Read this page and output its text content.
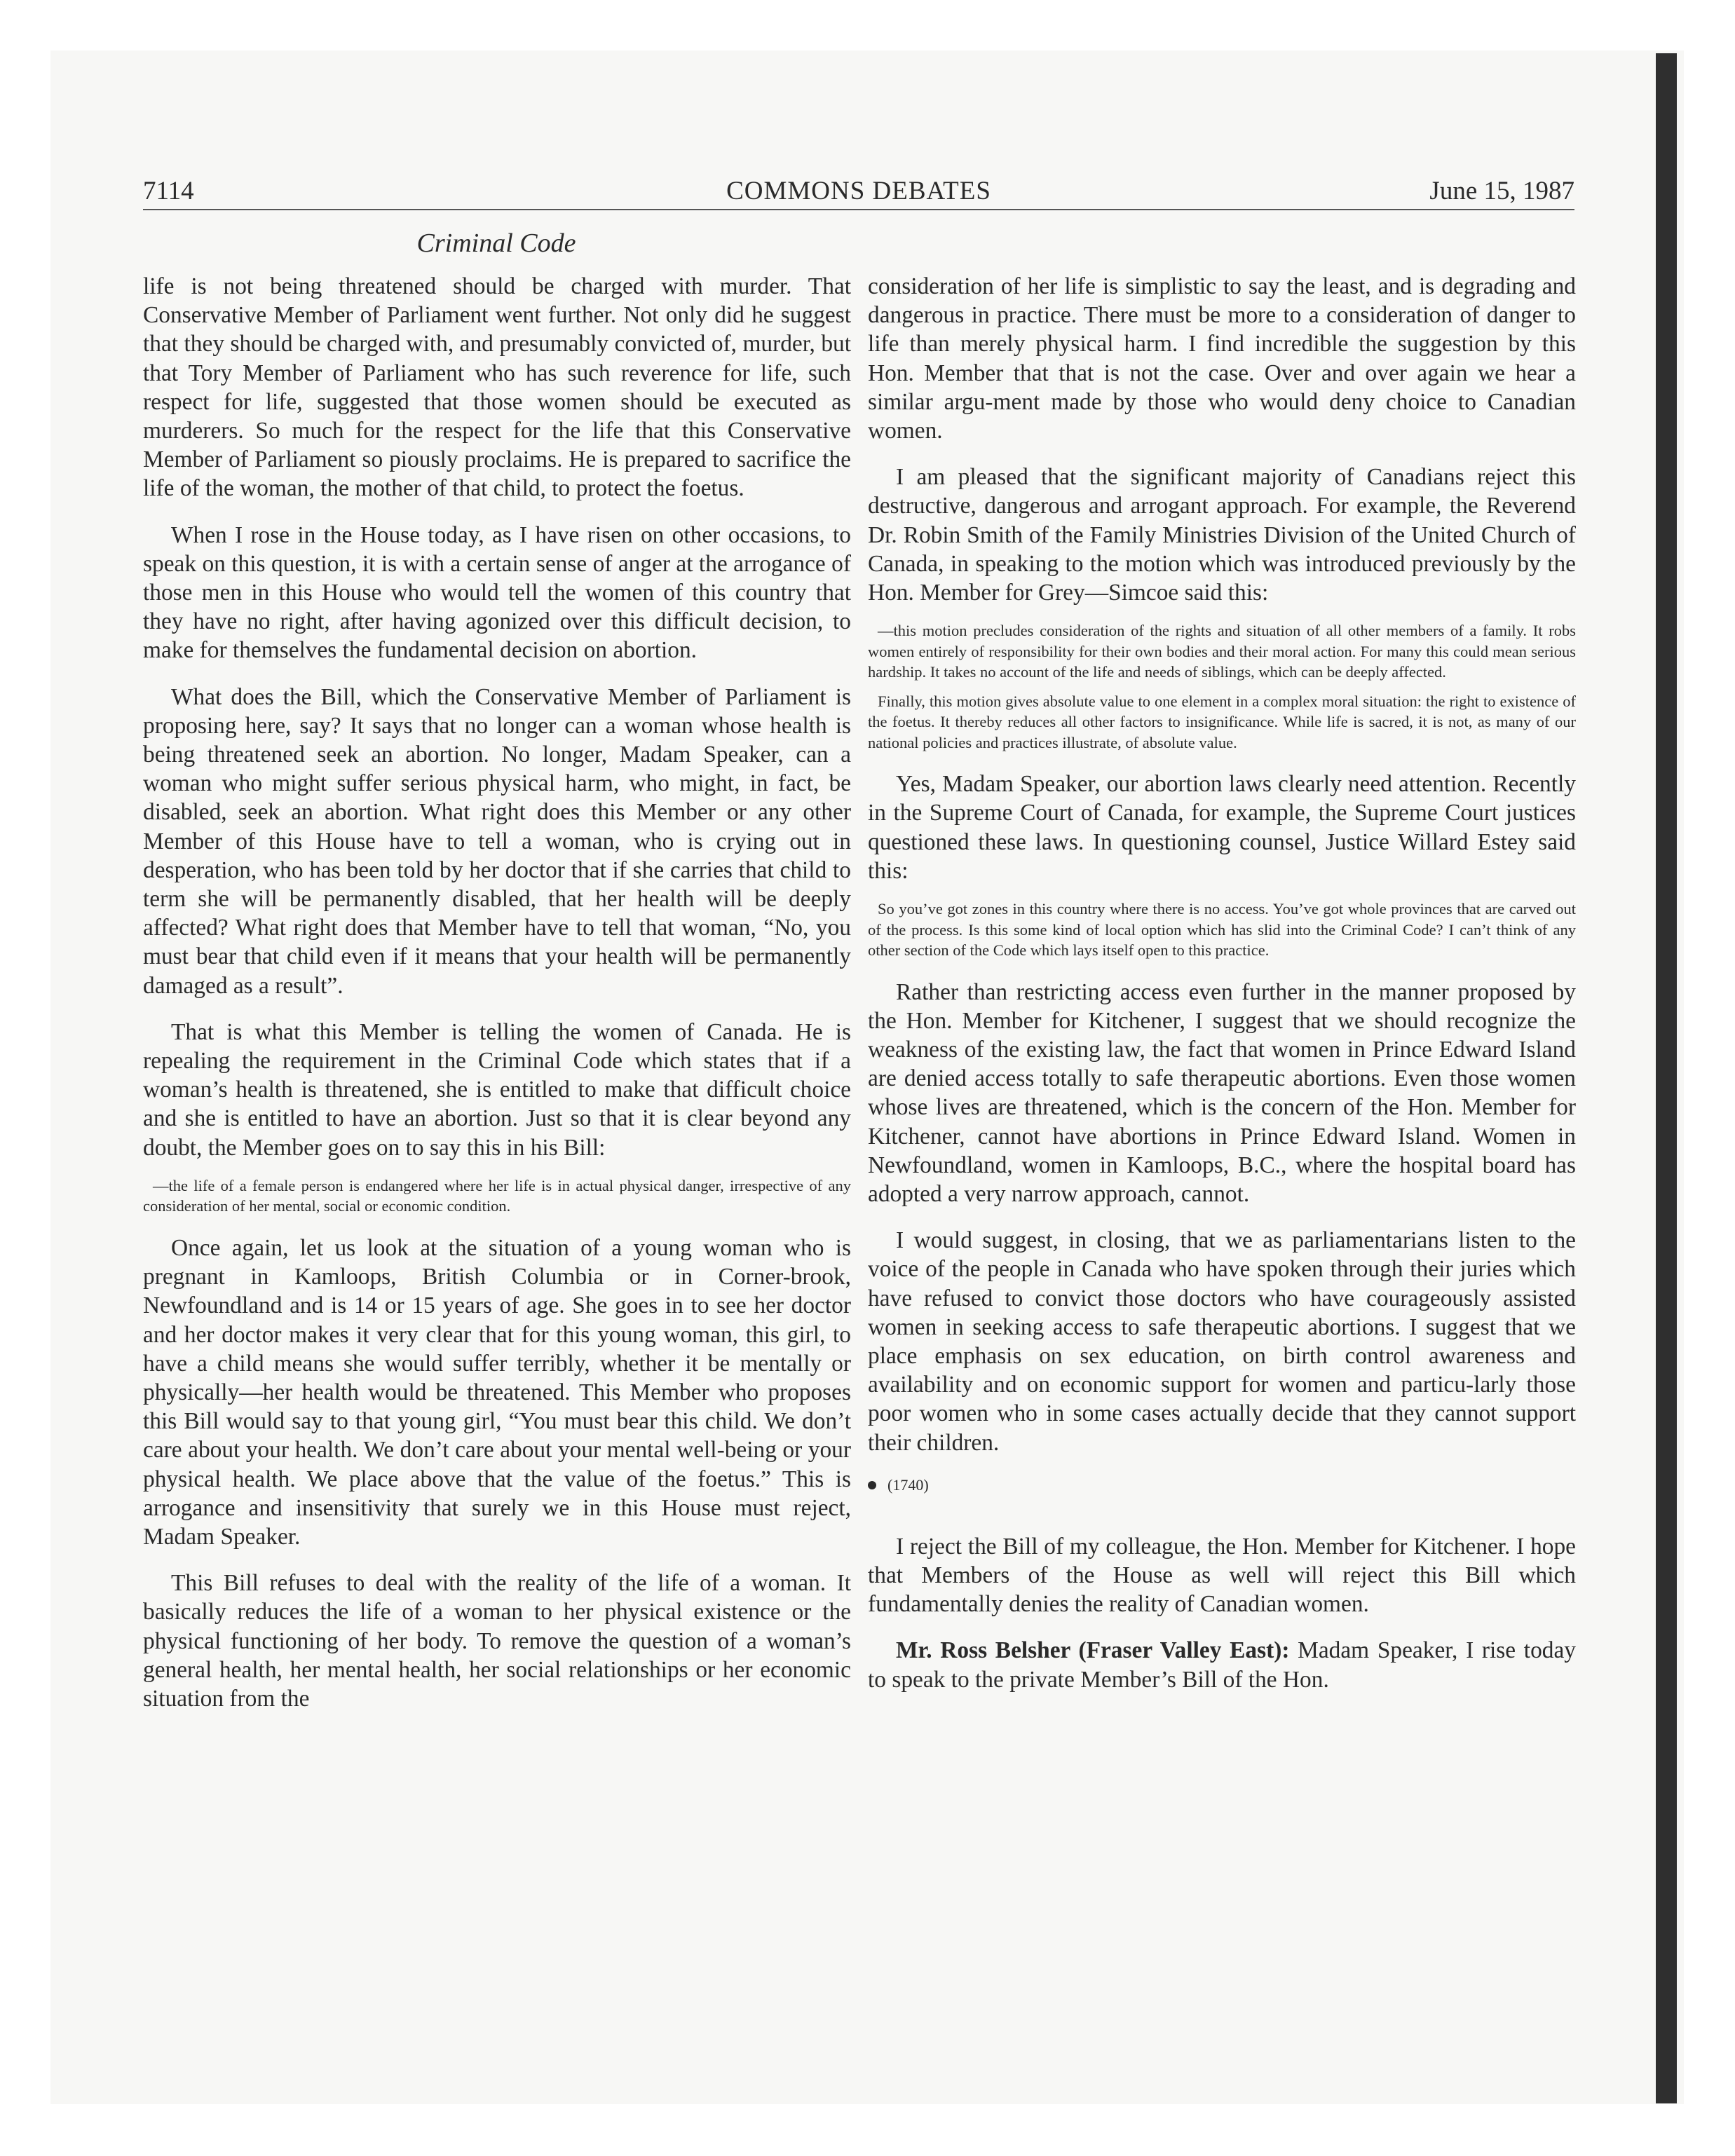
7114	COMMONS DEBATES	June 15, 1987
Criminal Code

life is not being threatened should be charged with murder. That Conservative Member of Parliament went further. Not only did he suggest that they should be charged with, and presumably convicted of, murder, but that Tory Member of Parliament who has such reverence for life, such respect for life, suggested that those women should be executed as murderers. So much for the respect for the life that this Conservative Member of Parliament so piously proclaims. He is prepared to sacrifice the life of the woman, the mother of that child, to protect the foetus.

When I rose in the House today, as I have risen on other occasions, to speak on this question, it is with a certain sense of anger at the arrogance of those men in this House who would tell the women of this country that they have no right, after having agonized over this difficult decision, to make for themselves the fundamental decision on abortion.

What does the Bill, which the Conservative Member of Parliament is proposing here, say? It says that no longer can a woman whose health is being threatened seek an abortion. No longer, Madam Speaker, can a woman who might suffer serious physical harm, who might, in fact, be disabled, seek an abortion. What right does this Member or any other Member of this House have to tell a woman, who is crying out in desperation, who has been told by her doctor that if she carries that child to term she will be permanently disabled, that her health will be deeply affected? What right does that Member have to tell that woman, “No, you must bear that child even if it means that your health will be permanently damaged as a result”.

That is what this Member is telling the women of Canada. He is repealing the requirement in the Criminal Code which states that if a woman’s health is threatened, she is entitled to make that difficult choice and she is entitled to have an abortion. Just so that it is clear beyond any doubt, the Member goes on to say this in his Bill:

—the life of a female person is endangered where her life is in actual physical danger, irrespective of any consideration of her mental, social or economic condition.

Once again, let us look at the situation of a young woman who is pregnant in Kamloops, British Columbia or in Corner-brook, Newfoundland and is 14 or 15 years of age. She goes in to see her doctor and her doctor makes it very clear that for this young woman, this girl, to have a child means she would suffer terribly, whether it be mentally or physically—her health would be threatened. This Member who proposes this Bill would say to that young girl, “You must bear this child. We don’t care about your health. We don’t care about your mental well-being or your physical health. We place above that the value of the foetus.” This is arrogance and insensitivity that surely we in this House must reject, Madam Speaker.

This Bill refuses to deal with the reality of the life of a woman. It basically reduces the life of a woman to her physical existence or the physical functioning of her body. To remove the question of a woman’s general health, her mental health, her social relationships or her economic situation from the

consideration of her life is simplistic to say the least, and is degrading and dangerous in practice. There must be more to a consideration of danger to life than merely physical harm. I find incredible the suggestion by this Hon. Member that that is not the case. Over and over again we hear a similar argu-ment made by those who would deny choice to Canadian women.

I am pleased that the significant majority of Canadians reject this destructive, dangerous and arrogant approach. For example, the Reverend Dr. Robin Smith of the Family Ministries Division of the United Church of Canada, in speaking to the motion which was introduced previously by the Hon. Member for Grey—Simcoe said this:

—this motion precludes consideration of the rights and situation of all other members of a family. It robs women entirely of responsibility for their own bodies and their moral action. For many this could mean serious hardship. It takes no account of the life and needs of siblings, which can be deeply affected.

Finally, this motion gives absolute value to one element in a complex moral situation: the right to existence of the foetus. It thereby reduces all other factors to insignificance. While life is sacred, it is not, as many of our national policies and practices illustrate, of absolute value.

Yes, Madam Speaker, our abortion laws clearly need attention. Recently in the Supreme Court of Canada, for example, the Supreme Court justices questioned these laws. In questioning counsel, Justice Willard Estey said this:

So you’ve got zones in this country where there is no access. You’ve got whole provinces that are carved out of the process. Is this some kind of local option which has slid into the Criminal Code? I can’t think of any other section of the Code which lays itself open to this practice.

Rather than restricting access even further in the manner proposed by the Hon. Member for Kitchener, I suggest that we should recognize the weakness of the existing law, the fact that women in Prince Edward Island are denied access totally to safe therapeutic abortions. Even those women whose lives are threatened, which is the concern of the Hon. Member for Kitchener, cannot have abortions in Prince Edward Island. Women in Newfoundland, women in Kamloops, B.C., where the hospital board has adopted a very narrow approach, cannot.

I would suggest, in closing, that we as parliamentarians listen to the voice of the people in Canada who have spoken through their juries which have refused to convict those doctors who have courageously assisted women in seeking access to safe therapeutic abortions. I suggest that we place emphasis on sex education, on birth control awareness and availability and on economic support for women and particu-larly those poor women who in some cases actually decide that they cannot support their children.

(1740)

I reject the Bill of my colleague, the Hon. Member for Kitchener. I hope that Members of the House as well will reject this Bill which fundamentally denies the reality of Canadian women.

Mr. Ross Belsher (Fraser Valley East): Madam Speaker, I rise today to speak to the private Member’s Bill of the Hon.
